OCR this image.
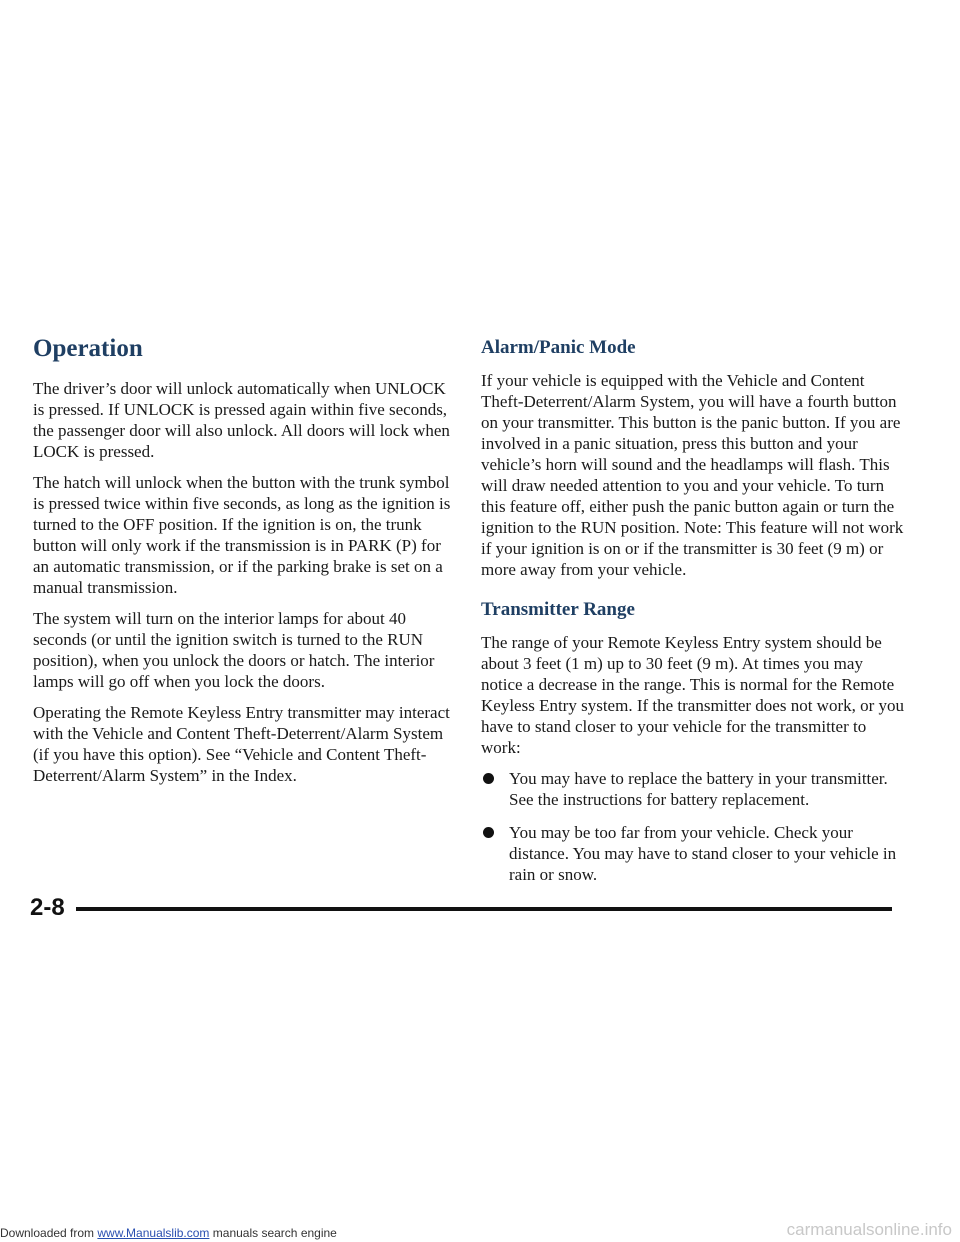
Operation

The driver’s door will unlock automatically when UNLOCK is pressed. If UNLOCK is pressed again within five seconds, the passenger door will also unlock. All doors will lock when LOCK is pressed.

The hatch will unlock when the button with the trunk symbol is pressed twice within five seconds, as long as the ignition is turned to the OFF position. If the ignition is on, the trunk button will only work if the transmission is in PARK (P) for an automatic transmission, or if the parking brake is set on a manual transmission.

The system will turn on the interior lamps for about 40 seconds (or until the ignition switch is turned to the RUN position), when you unlock the doors or hatch. The interior lamps will go off when you lock the doors.

Operating the Remote Keyless Entry transmitter may interact with the Vehicle and Content Theft-Deterrent/Alarm System (if you have this option). See “Vehicle and Content Theft-Deterrent/Alarm System” in the Index.

Alarm/Panic Mode

If your vehicle is equipped with the Vehicle and Content Theft-Deterrent/Alarm System, you will have a fourth button on your transmitter. This button is the panic button. If you are involved in a panic situation, press this button and your vehicle’s horn will sound and the headlamps will flash. This will draw needed attention to you and your vehicle. To turn this feature off, either push the panic button again or turn the ignition to the RUN position. Note: This feature will not work if your ignition is on or if the transmitter is 30 feet (9 m) or more away from your vehicle.

Transmitter Range

The range of your Remote Keyless Entry system should be about 3 feet (1 m) up to 30 feet (9 m). At times you may notice a decrease in the range. This is normal for the Remote Keyless Entry system. If the transmitter does not work, or you have to stand closer to your vehicle for the transmitter to work:

You may have to replace the battery in your transmitter. See the instructions for battery replacement.
You may be too far from your vehicle. Check your distance. You may have to stand closer to your vehicle in rain or snow.
2-8
Downloaded from www.Manualslib.com manuals search engine	carmanualsonline.info
